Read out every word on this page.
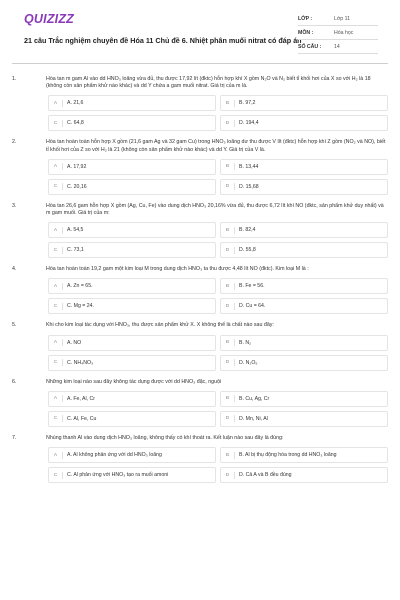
QUIZIZZ
21 câu Trắc nghiệm chuyên đề Hóa 11 Chủ đề 6. Nhiệt phân muối nitrat có đáp án
LỚP :	Lớp 11
MÔN :	Hóa học
SỐ CÂU :	14
1.	Hòa tan m gam Al vào dd HNO₃ loãng vừa đủ, thu được 17,92 lít (đktc) hỗn hợp khí X gồm N₂O và N₂ biết tỉ khối hơi của X so với H₂ là 18 (không còn sản phẩm khử nào khác) và dd Y chứa a gam muối nitrat. Giá trị của m là.
A	A. 21,6	B	B. 97,2
C	C. 64,8	D	D. 194,4
2.	Hòa tan hoàn toàn hỗn hợp X gồm (21,6 gam Ag và 32 gam Cu) trong HNO₃ loãng dư thu được V lít (đktc) hỗn hợp khí Z gồm (NO₂ và NO), biết tỉ khối hơi của Z so với H₂ là 21 (không còn sản phẩm khử nào khác) và dd Y. Giá trị của V là.
A	A. 17,92	B	B. 13,44
C	C. 20,16	D	D. 15,68
3.	Hòa tan 26,6 gam hỗn hợp X gồm (Ag, Cu, Fe) vào dung dịch HNO₃ 20,16% vừa đủ, thu được 6,72 lít khí NO (đktc, sản phẩm khử duy nhất) và m gam muối. Giá trị của m:
A	A. 54,5	B	B. 82,4
C	C. 73,1	D	D. 55,8
4.	Hòa tan hoàn toàn 19,2 gam một kim loại M trong dung dịch HNO₃ ta thu được 4,48 lít NO (đktc). Kim loại M là :
A	A. Zn = 65.	B	B. Fe = 56.
C	C. Mg = 24.	D	D. Cu = 64.
5.	Khi cho kim loại tác dụng với HNO₃, thu được sản phẩm khử X. X không thể là chất nào sau đây:
A	A. NO	B	B. N₂
C	C. NH₄NO₃	D	D. N₂O₅
6.	Những kim loại nào sau đây không tác dụng được với dd HNO₃ đặc, nguội
A	A. Fe, Al, Cr	B	B. Cu, Ag, Cr
C	C. Al, Fe, Cu	D	D. Mn, Ni, Al
7.	Nhúng thanh Al vào dung dịch HNO₃ loãng, không thấy có khí thoát ra. Kết luận nào sau đây là đúng:
A	A. Al không phản ứng với dd HNO₃ loãng	B	B. Al bị thụ động hóa trong dd HNO₃ loãng
C	C. Al phản ứng với HNO₃ tạo ra muối amoni	D	D. Cả A và B đều đúng
